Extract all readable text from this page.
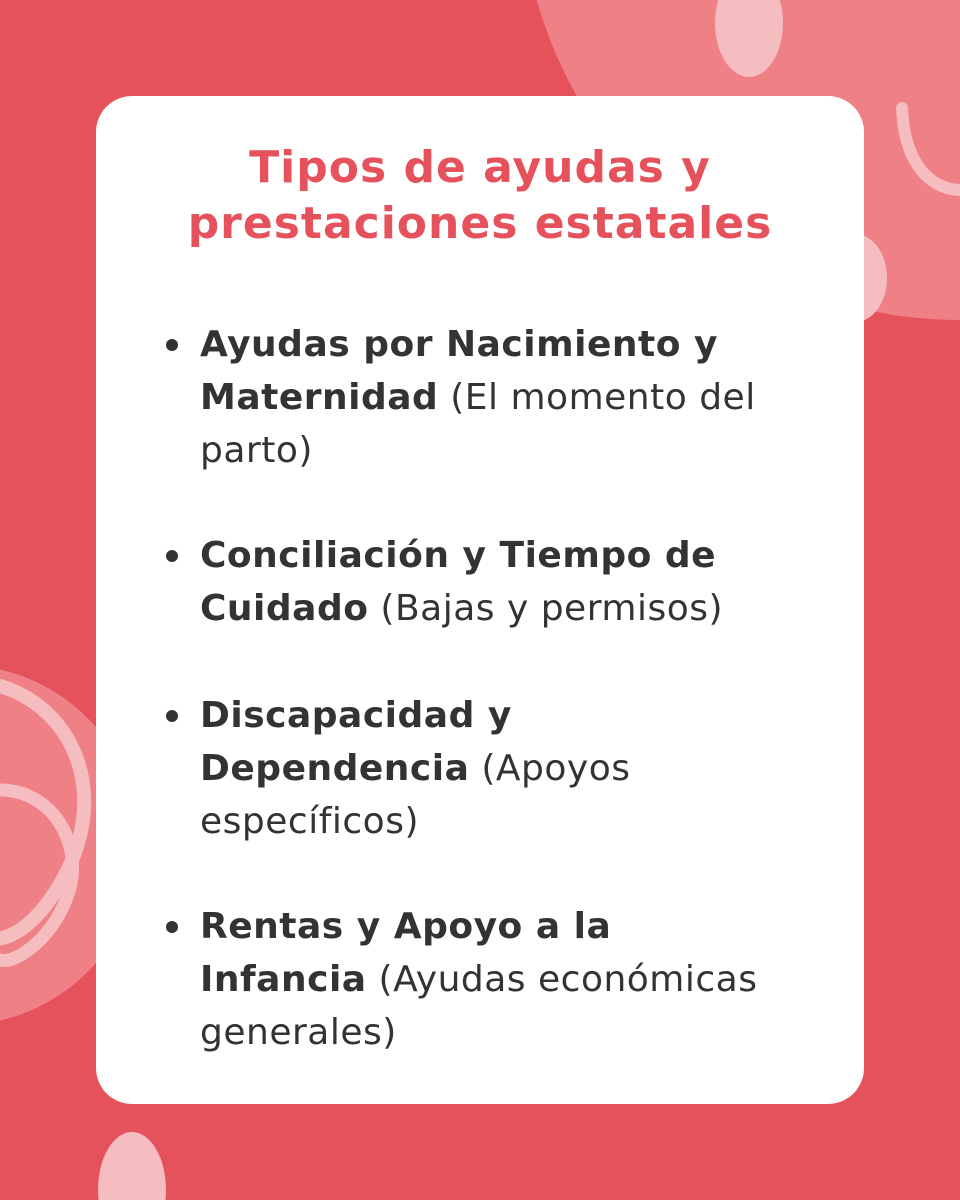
Tipos de ayudas y
prestaciones estatales
Ayudas por Nacimiento y
Maternidad (El momento del parto)
Conciliación y Tiempo de
Cuidado (Bajas y permisos)
Discapacidad y
Dependencia (Apoyos específicos)
Rentas y Apoyo a la
Infancia (Ayudas económicas generales)
